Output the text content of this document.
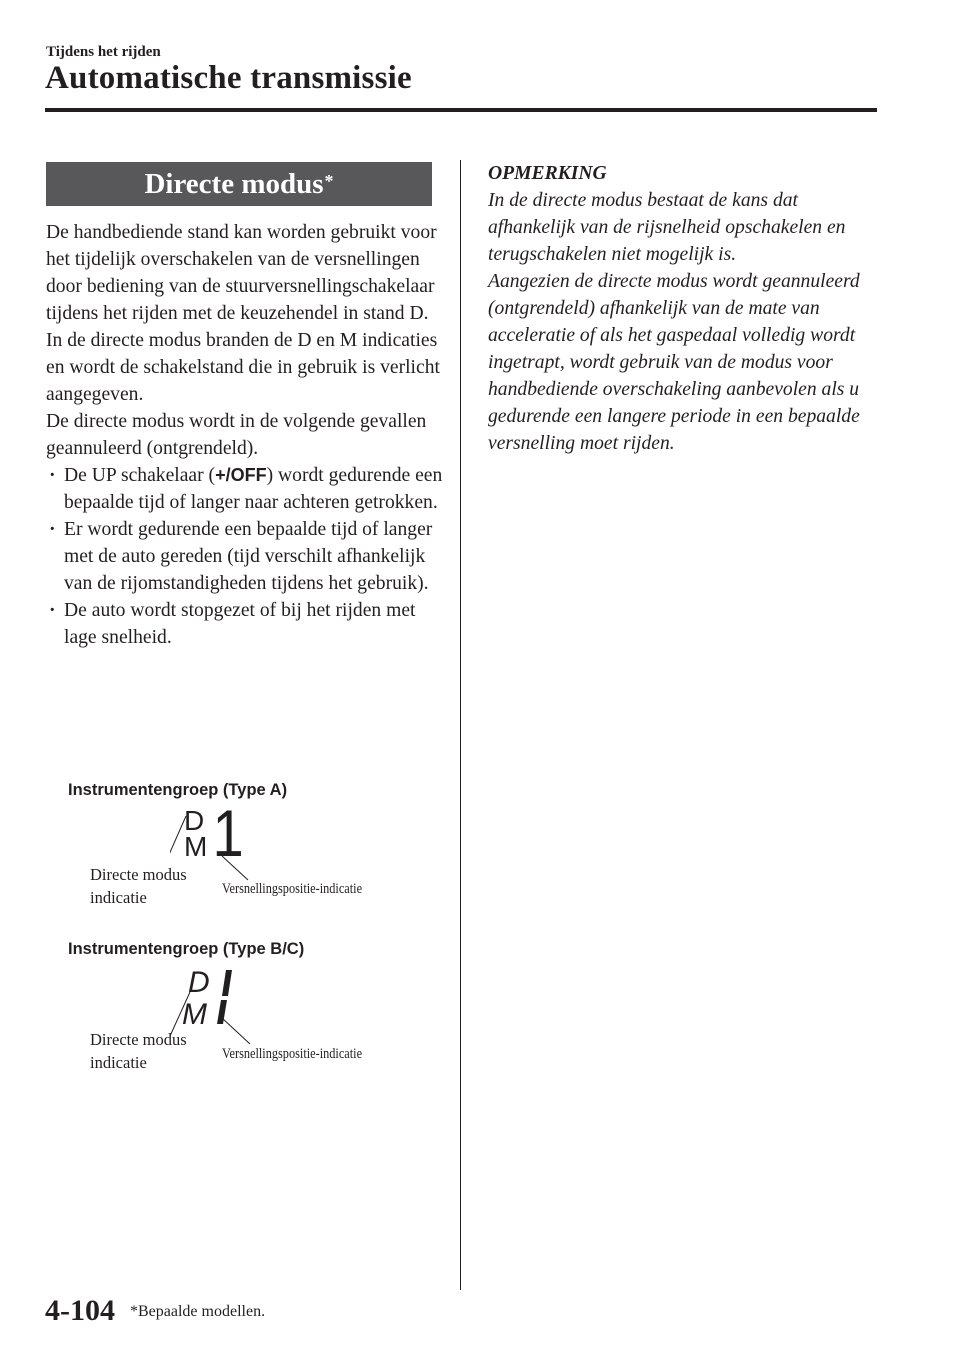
Tijdens het rijden
Automatische transmissie
Directe modus*

De handbediende stand kan worden gebruikt voor het tijdelijk overschakelen van de versnellingen door bediening van de stuurversnellingschakelaar tijdens het rijden met de keuzehendel in stand D.

In de directe modus branden de D en M indicaties en wordt de schakelstand die in gebruik is verlicht aangegeven.

De directe modus wordt in de volgende gevallen geannuleerd (ontgrendeld).

· De UP schakelaar (+/OFF) wordt gedurende een bepaalde tijd of langer naar achteren getrokken.
· Er wordt gedurende een bepaalde tijd of langer met de auto gereden (tijd verschilt afhankelijk van de rijomstandigheden tijdens het gebruik).
· De auto wordt stopgezet of bij het rijden met lage snelheid.
Instrumentengroep (Type A)
D
M 1
Directe modus
indicatie	Versnellingspositie-indicatie
Instrumentengroep (Type B/C)
D
M
Directe modus
indicatie	Versnellingspositie-indicatie
OPMERKING
In de directe modus bestaat de kans dat afhankelijk van de rijsnelheid opschakelen en terugschakelen niet mogelijk is.
Aangezien de directe modus wordt geannuleerd (ontgrendeld) afhankelijk van de mate van acceleratie of als het gaspedaal volledig wordt ingetrapt, wordt gebruik van de modus voor handbediende overschakeling aanbevolen als u gedurende een langere periode in een bepaalde versnelling moet rijden.
4-104 *Bepaalde modellen.
